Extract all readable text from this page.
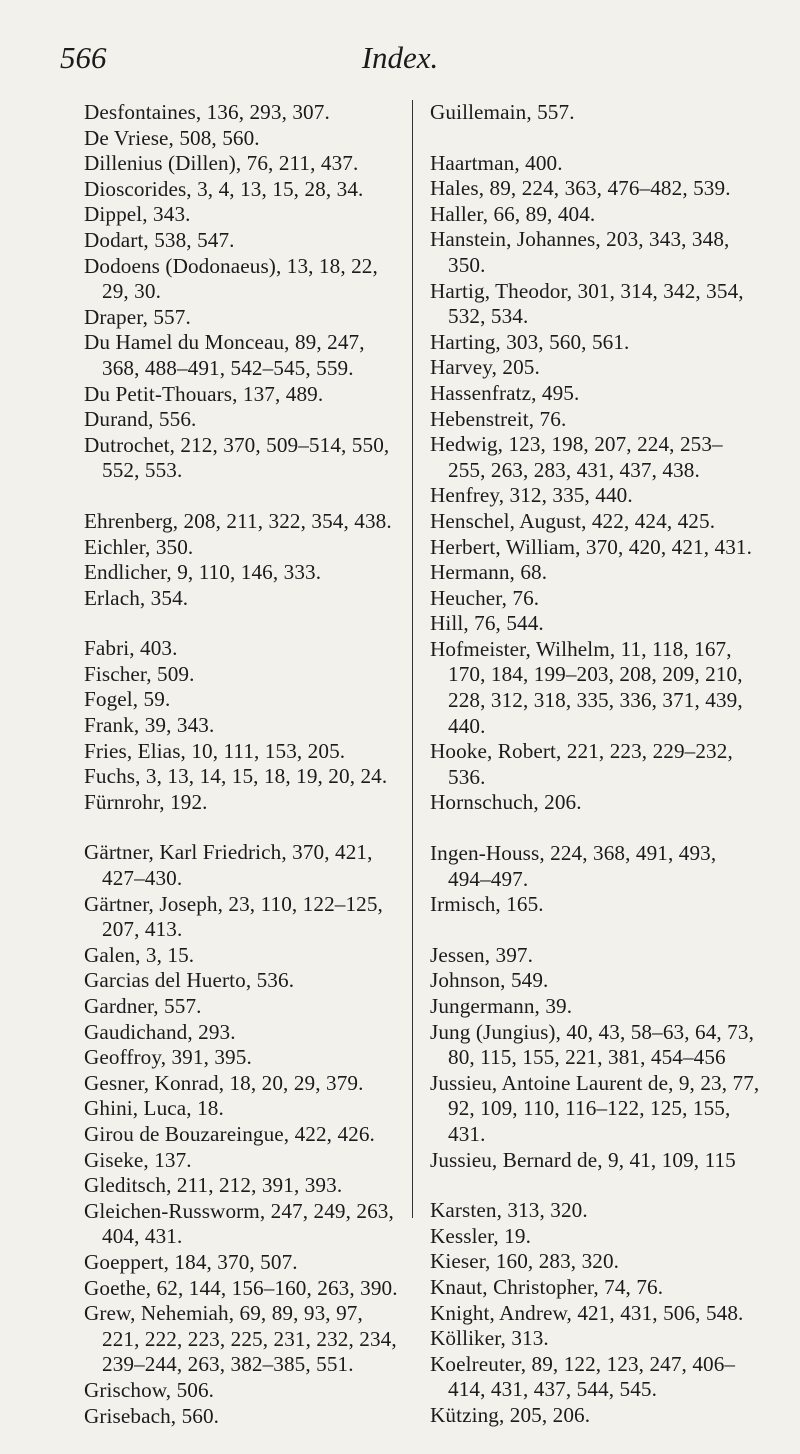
566	Index.
Desfontaines, 136, 293, 307.
De Vriese, 508, 560.
Dillenius (Dillen), 76, 211, 437.
Dioscorides, 3, 4, 13, 15, 28, 34.
Dippel, 343.
Dodart, 538, 547.
Dodoens (Dodonaeus), 13, 18, 22, 29, 30.
Draper, 557.
Du Hamel du Monceau, 89, 247, 368, 488–491, 542–545, 559.
Du Petit-Thouars, 137, 489.
Durand, 556.
Dutrochet, 212, 370, 509–514, 550, 552, 553.
Ehrenberg, 208, 211, 322, 354, 438.
Eichler, 350.
Endlicher, 9, 110, 146, 333.
Erlach, 354.
Fabri, 403.
Fischer, 509.
Fogel, 59.
Frank, 39, 343.
Fries, Elias, 10, 111, 153, 205.
Fuchs, 3, 13, 14, 15, 18, 19, 20, 24.
Fürnrohr, 192.
Gärtner, Karl Friedrich, 370, 421, 427–430.
Gärtner, Joseph, 23, 110, 122–125, 207, 413.
Galen, 3, 15.
Garcias del Huerto, 536.
Gardner, 557.
Gaudichand, 293.
Geoffroy, 391, 395.
Gesner, Konrad, 18, 20, 29, 379.
Ghini, Luca, 18.
Girou de Bouzareingue, 422, 426.
Giseke, 137.
Gleditsch, 211, 212, 391, 393.
Gleichen-Russworm, 247, 249, 263, 404, 431.
Goeppert, 184, 370, 507.
Goethe, 62, 144, 156–160, 263, 390.
Grew, Nehemiah, 69, 89, 93, 97, 221, 222, 223, 225, 231, 232, 234, 239–244, 263, 382–385, 551.
Grischow, 506.
Grisebach, 560.
Guillemain, 557.
Haartman, 400.
Hales, 89, 224, 363, 476–482, 539.
Haller, 66, 89, 404.
Hanstein, Johannes, 203, 343, 348, 350.
Hartig, Theodor, 301, 314, 342, 354, 532, 534.
Harting, 303, 560, 561.
Harvey, 205.
Hassenfratz, 495.
Hebenstreit, 76.
Hedwig, 123, 198, 207, 224, 253–255, 263, 283, 431, 437, 438.
Henfrey, 312, 335, 440.
Henschel, August, 422, 424, 425.
Herbert, William, 370, 420, 421, 431.
Hermann, 68.
Heucher, 76.
Hill, 76, 544.
Hofmeister, Wilhelm, 11, 118, 167, 170, 184, 199–203, 208, 209, 210, 228, 312, 318, 335, 336, 371, 439, 440.
Hooke, Robert, 221, 223, 229–232, 536.
Hornschuch, 206.
Ingen-Houss, 224, 368, 491, 493, 494–497.
Irmisch, 165.
Jessen, 397.
Johnson, 549.
Jungermann, 39.
Jung (Jungius), 40, 43, 58–63, 64, 73, 80, 115, 155, 221, 381, 454–456
Jussieu, Antoine Laurent de, 9, 23, 77, 92, 109, 110, 116–122, 125, 155, 431.
Jussieu, Bernard de, 9, 41, 109, 115
Karsten, 313, 320.
Kessler, 19.
Kieser, 160, 283, 320.
Knaut, Christopher, 74, 76.
Knight, Andrew, 421, 431, 506, 548.
Kölliker, 313.
Koelreuter, 89, 122, 123, 247, 406–414, 431, 437, 544, 545.
Kützing, 205, 206.
